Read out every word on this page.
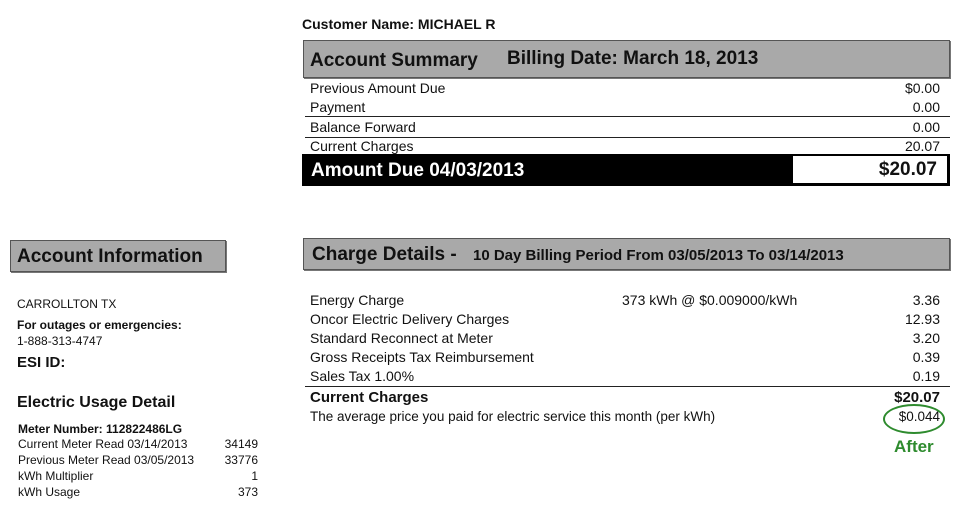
Customer Name: MICHAEL R
Account Summary Billing Date: March 18, 2013
Previous Amount Due	$0.00
Payment	0.00
Balance Forward	0.00
Current Charges	20.07
Amount Due 04/03/2013	$20.07
Account Information
CARROLLTON TX
For outages or emergencies:
1-888-313-4747
ESI ID:
Electric Usage Detail
Meter Number: 112822486LG
Current Meter Read 03/14/2013	34149
Previous Meter Read 03/05/2013	33776
kWh Multiplier	1
kWh Usage	373
Charge Details - 10 Day Billing Period From 03/05/2013 To 03/14/2013
Energy Charge	373 kWh @ $0.009000/kWh	3.36
Oncor Electric Delivery Charges	12.93
Standard Reconnect at Meter	3.20
Gross Receipts Tax Reimbursement	0.39
Sales Tax 1.00%	0.19
Current Charges	$20.07
The average price you paid for electric service this month (per kWh)	$0.044
After
